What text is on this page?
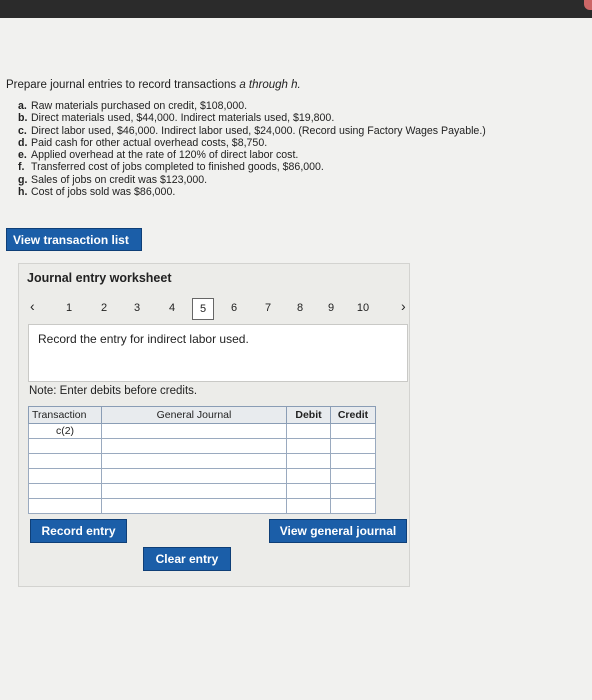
Prepare journal entries to record transactions a through h.
a. Raw materials purchased on credit, $108,000.
b. Direct materials used, $44,000. Indirect materials used, $19,800.
c. Direct labor used, $46,000. Indirect labor used, $24,000. (Record using Factory Wages Payable.)
d. Paid cash for other actual overhead costs, $8,750.
e. Applied overhead at the rate of 120% of direct labor cost.
f. Transferred cost of jobs completed to finished goods, $86,000.
g. Sales of jobs on credit was $123,000.
h. Cost of jobs sold was $86,000.
View transaction list
Journal entry worksheet
‹	1	2	3	4	6	7	8	9	10
5	›
Record the entry for indirect labor used.
Note: Enter debits before credits.
Transaction	General Journal	Debit	Credit
c(2)			

Record entry	View general journal
Clear entry
